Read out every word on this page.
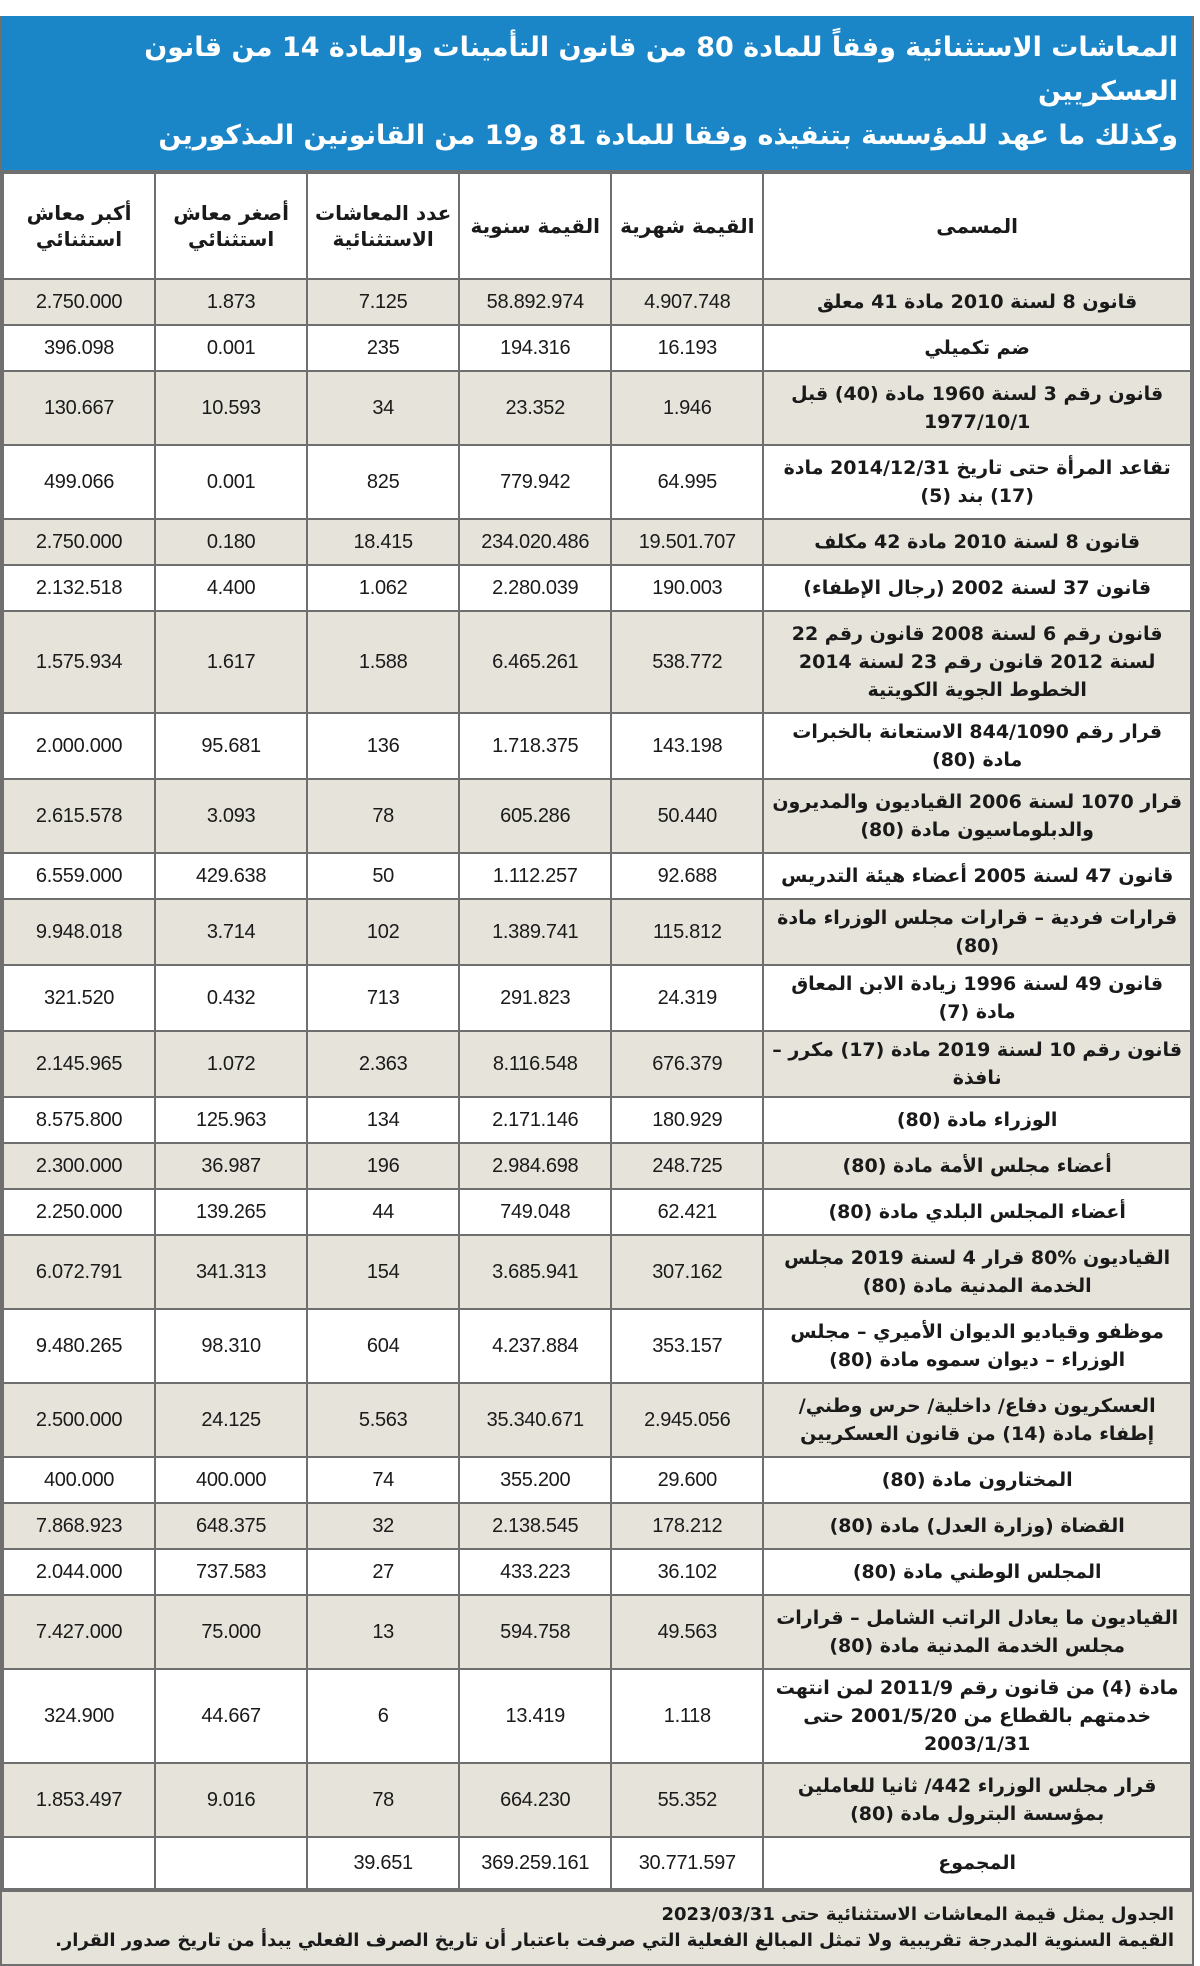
المعاشات الاستثنائية وفقاً للمادة 80 من قانون التأمينات والمادة 14 من قانون العسكريين
وكذلك ما عهد للمؤسسة بتنفيذه وفقا للمادة 81 و19 من القانونين المذكورين
المسمى	القيمة شهرية	القيمة سنوية	عدد المعاشات الاستثنائية	أصغر معاش استثنائي	أكبر معاش استثنائي
قانون 8 لسنة 2010 مادة 41 معلق	4.907.748	58.892.974	7.125	1.873	2.750.000
ضم تكميلي	16.193	194.316	235	0.001	396.098
قانون رقم 3 لسنة 1960 مادة (40) قبل 1977/10/1	1.946	23.352	34	10.593	130.667
تقاعد المرأة حتى تاريخ 2014/12/31 مادة (17) بند (5)	64.995	779.942	825	0.001	499.066
قانون 8 لسنة 2010 مادة 42 مكلف	19.501.707	234.020.486	18.415	0.180	2.750.000
قانون 37 لسنة 2002 (رجال الإطفاء)	190.003	2.280.039	1.062	4.400	2.132.518
قانون رقم 6 لسنة 2008 قانون رقم 22 لسنة 2012 قانون رقم 23 لسنة 2014 الخطوط الجوية الكويتية	538.772	6.465.261	1.588	1.617	1.575.934
قرار رقم 844/1090 الاستعانة بالخبرات مادة (80)	143.198	1.718.375	136	95.681	2.000.000
قرار 1070 لسنة 2006 القياديون والمديرون والدبلوماسيون مادة (80)	50.440	605.286	78	3.093	2.615.578
قانون 47 لسنة 2005 أعضاء هيئة التدريس	92.688	1.112.257	50	429.638	6.559.000
قرارات فردية – قرارات مجلس الوزراء مادة (80)	115.812	1.389.741	102	3.714	9.948.018
قانون 49 لسنة 1996 زيادة الابن المعاق مادة (7)	24.319	291.823	713	0.432	321.520
قانون رقم 10 لسنة 2019 مادة (17) مكرر – نافذة	676.379	8.116.548	2.363	1.072	2.145.965
الوزراء مادة (80)	180.929	2.171.146	134	125.963	8.575.800
أعضاء مجلس الأمة مادة (80)	248.725	2.984.698	196	36.987	2.300.000
أعضاء المجلس البلدي مادة (80)	62.421	749.048	44	139.265	2.250.000
القياديون %80 قرار 4 لسنة 2019 مجلس الخدمة المدنية مادة (80)	307.162	3.685.941	154	341.313	6.072.791
موظفو وقياديو الديوان الأميري – مجلس الوزراء – ديوان سموه مادة (80)	353.157	4.237.884	604	98.310	9.480.265
العسكريون دفاع/ داخلية/ حرس وطني/ إطفاء مادة (14) من قانون العسكريين	2.945.056	35.340.671	5.563	24.125	2.500.000
المختارون مادة (80)	29.600	355.200	74	400.000	400.000
القضاة (وزارة العدل) مادة (80)	178.212	2.138.545	32	648.375	7.868.923
المجلس الوطني مادة (80)	36.102	433.223	27	737.583	2.044.000
القياديون ما يعادل الراتب الشامل – قرارات مجلس الخدمة المدنية مادة (80)	49.563	594.758	13	75.000	7.427.000
مادة (4) من قانون رقم 2011/9 لمن انتهت خدمتهم بالقطاع من 2001/5/20 حتى 2003/1/31	1.118	13.419	6	44.667	324.900
قرار مجلس الوزراء 442/ ثانيا للعاملين بمؤسسة البترول مادة (80)	55.352	664.230	78	9.016	1.853.497
المجموع	30.771.597	369.259.161	39.651		
الجدول يمثل قيمة المعاشات الاستثنائية حتى 2023/03/31
القيمة السنوية المدرجة تقريبية ولا تمثل المبالغ الفعلية التي صرفت باعتبار أن تاريخ الصرف الفعلي يبدأ من تاريخ صدور القرار.
